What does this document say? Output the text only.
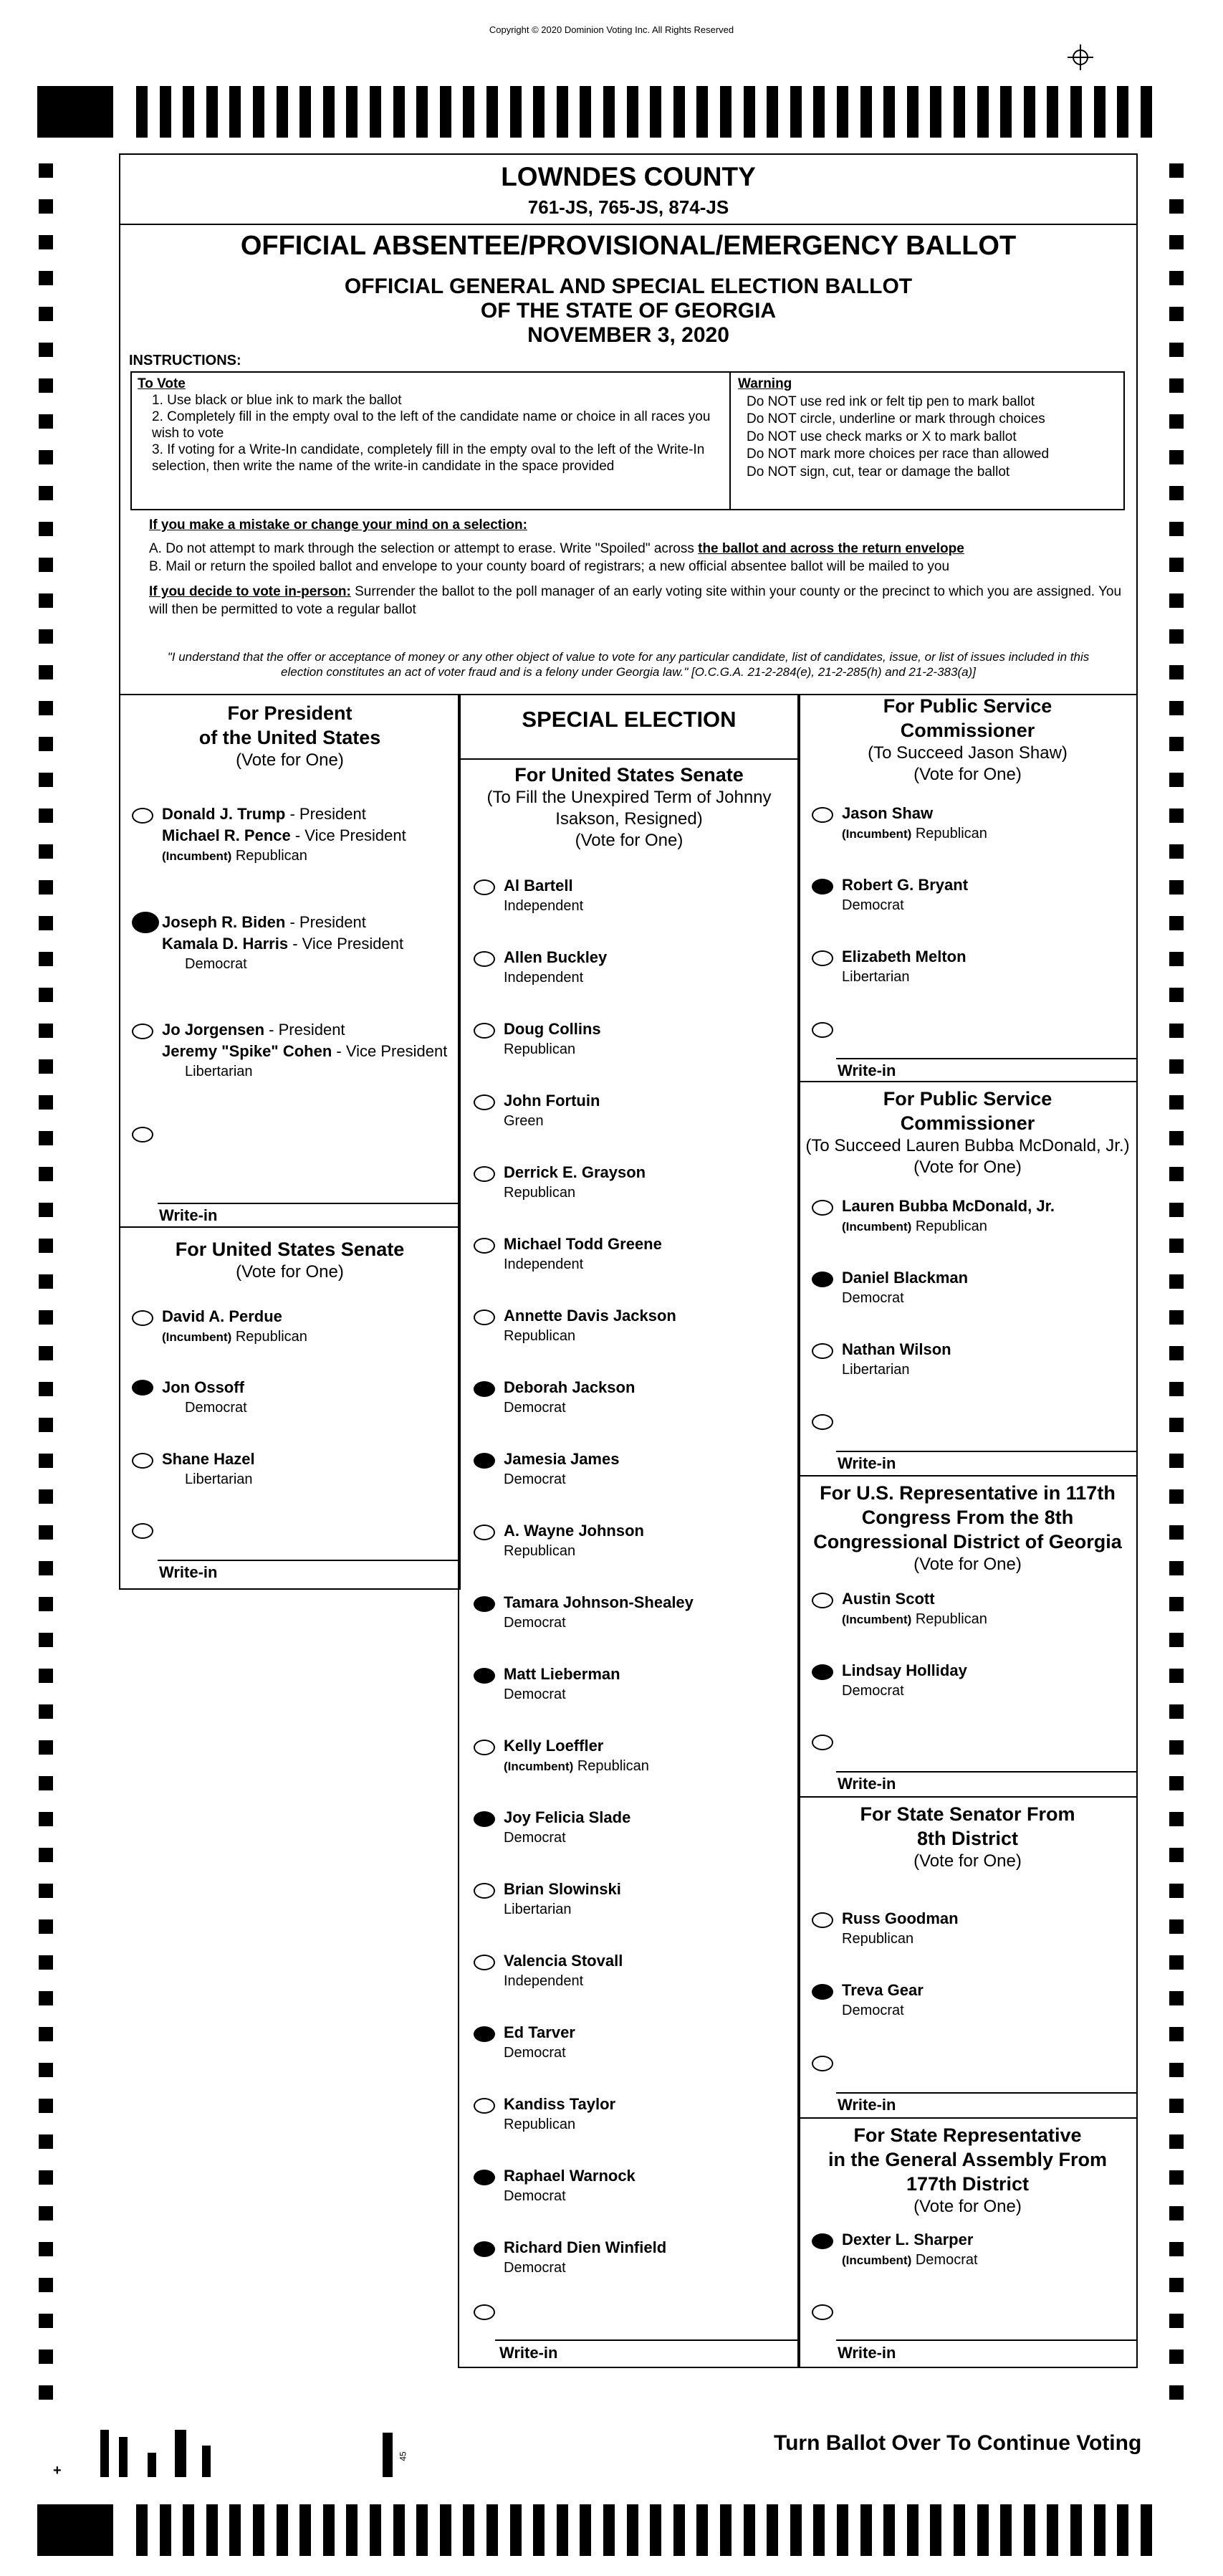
Copyright © 2020 Dominion Voting Inc. All Rights Reserved
LOWNDES COUNTY
761-JS, 765-JS, 874-JS
OFFICIAL ABSENTEE/PROVISIONAL/EMERGENCY BALLOT
OFFICIAL GENERAL AND SPECIAL ELECTION BALLOT
OF THE STATE OF GEORGIA
NOVEMBER 3, 2020
INSTRUCTIONS:
To Vote
1. Use black or blue ink to mark the ballot
2. Completely fill in the empty oval to the left of the candidate name or choice in all races you wish to vote
3. If voting for a Write-In candidate, completely fill in the empty oval to the left of the Write-In selection, then write the name of the write-in candidate in the space provided
Warning
Do NOT use red ink or felt tip pen to mark ballot
Do NOT circle, underline or mark through choices
Do NOT use check marks or X to mark ballot
Do NOT mark more choices per race than allowed
Do NOT sign, cut, tear or damage the ballot
If you make a mistake or change your mind on a selection:
A. Do not attempt to mark through the selection or attempt to erase. Write "Spoiled" across the ballot and across the return envelope
B. Mail or return the spoiled ballot and envelope to your county board of registrars; a new official absentee ballot will be mailed to you
If you decide to vote in-person: Surrender the ballot to the poll manager of an early voting site within your county or the precinct to which you are assigned. You will then be permitted to vote a regular ballot
"I understand that the offer or acceptance of money or any other object of value to vote for any particular candidate, list of candidates, issue, or list of issues included in this
election constitutes an act of voter fraud and is a felony under Georgia law." [O.C.G.A. 21-2-284(e), 21-2-285(h) and 21-2-383(a)]
For President
of the United States
(Vote for One)
Donald J. Trump - President
Michael R. Pence - Vice President
(Incumbent) Republican
Joseph R. Biden - President
Kamala D. Harris - Vice President
Democrat
Jo Jorgensen - President
Jeremy "Spike" Cohen - Vice President
Libertarian
Write-in
For United States Senate
(Vote for One)
David A. Perdue
(Incumbent) Republican
Jon Ossoff
Democrat
Shane Hazel
Libertarian
Write-in
SPECIAL ELECTION
For United States Senate
(To Fill the Unexpired Term of Johnny
Isakson, Resigned)
(Vote for One)
Al Bartell
Independent
Allen Buckley
Independent
Doug Collins
Republican
John Fortuin
Green
Derrick E. Grayson
Republican
Michael Todd Greene
Independent
Annette Davis Jackson
Republican
Deborah Jackson
Democrat
Jamesia James
Democrat
A. Wayne Johnson
Republican
Tamara Johnson-Shealey
Democrat
Matt Lieberman
Democrat
Kelly Loeffler
(Incumbent) Republican
Joy Felicia Slade
Democrat
Brian Slowinski
Libertarian
Valencia Stovall
Independent
Ed Tarver
Democrat
Kandiss Taylor
Republican
Raphael Warnock
Democrat
Richard Dien Winfield
Democrat
Write-in
For Public Service
Commissioner
(To Succeed Jason Shaw)
(Vote for One)
Jason Shaw
(Incumbent) Republican
Robert G. Bryant
Democrat
Elizabeth Melton
Libertarian
Write-in
For Public Service
Commissioner
(To Succeed Lauren Bubba McDonald, Jr.)
(Vote for One)
Lauren Bubba McDonald, Jr.
(Incumbent) Republican
Daniel Blackman
Democrat
Nathan Wilson
Libertarian
Write-in
For U.S. Representative in 117th
Congress From the 8th
Congressional District of Georgia
(Vote for One)
Austin Scott
(Incumbent) Republican
Lindsay Holliday
Democrat
Write-in
For State Senator From
8th District
(Vote for One)
Russ Goodman
Republican
Treva Gear
Democrat
Write-in
For State Representative
in the General Assembly From
177th District
(Vote for One)
Dexter L. Sharper
(Incumbent) Democrat
Write-in
Turn Ballot Over To Continue Voting
+
45
